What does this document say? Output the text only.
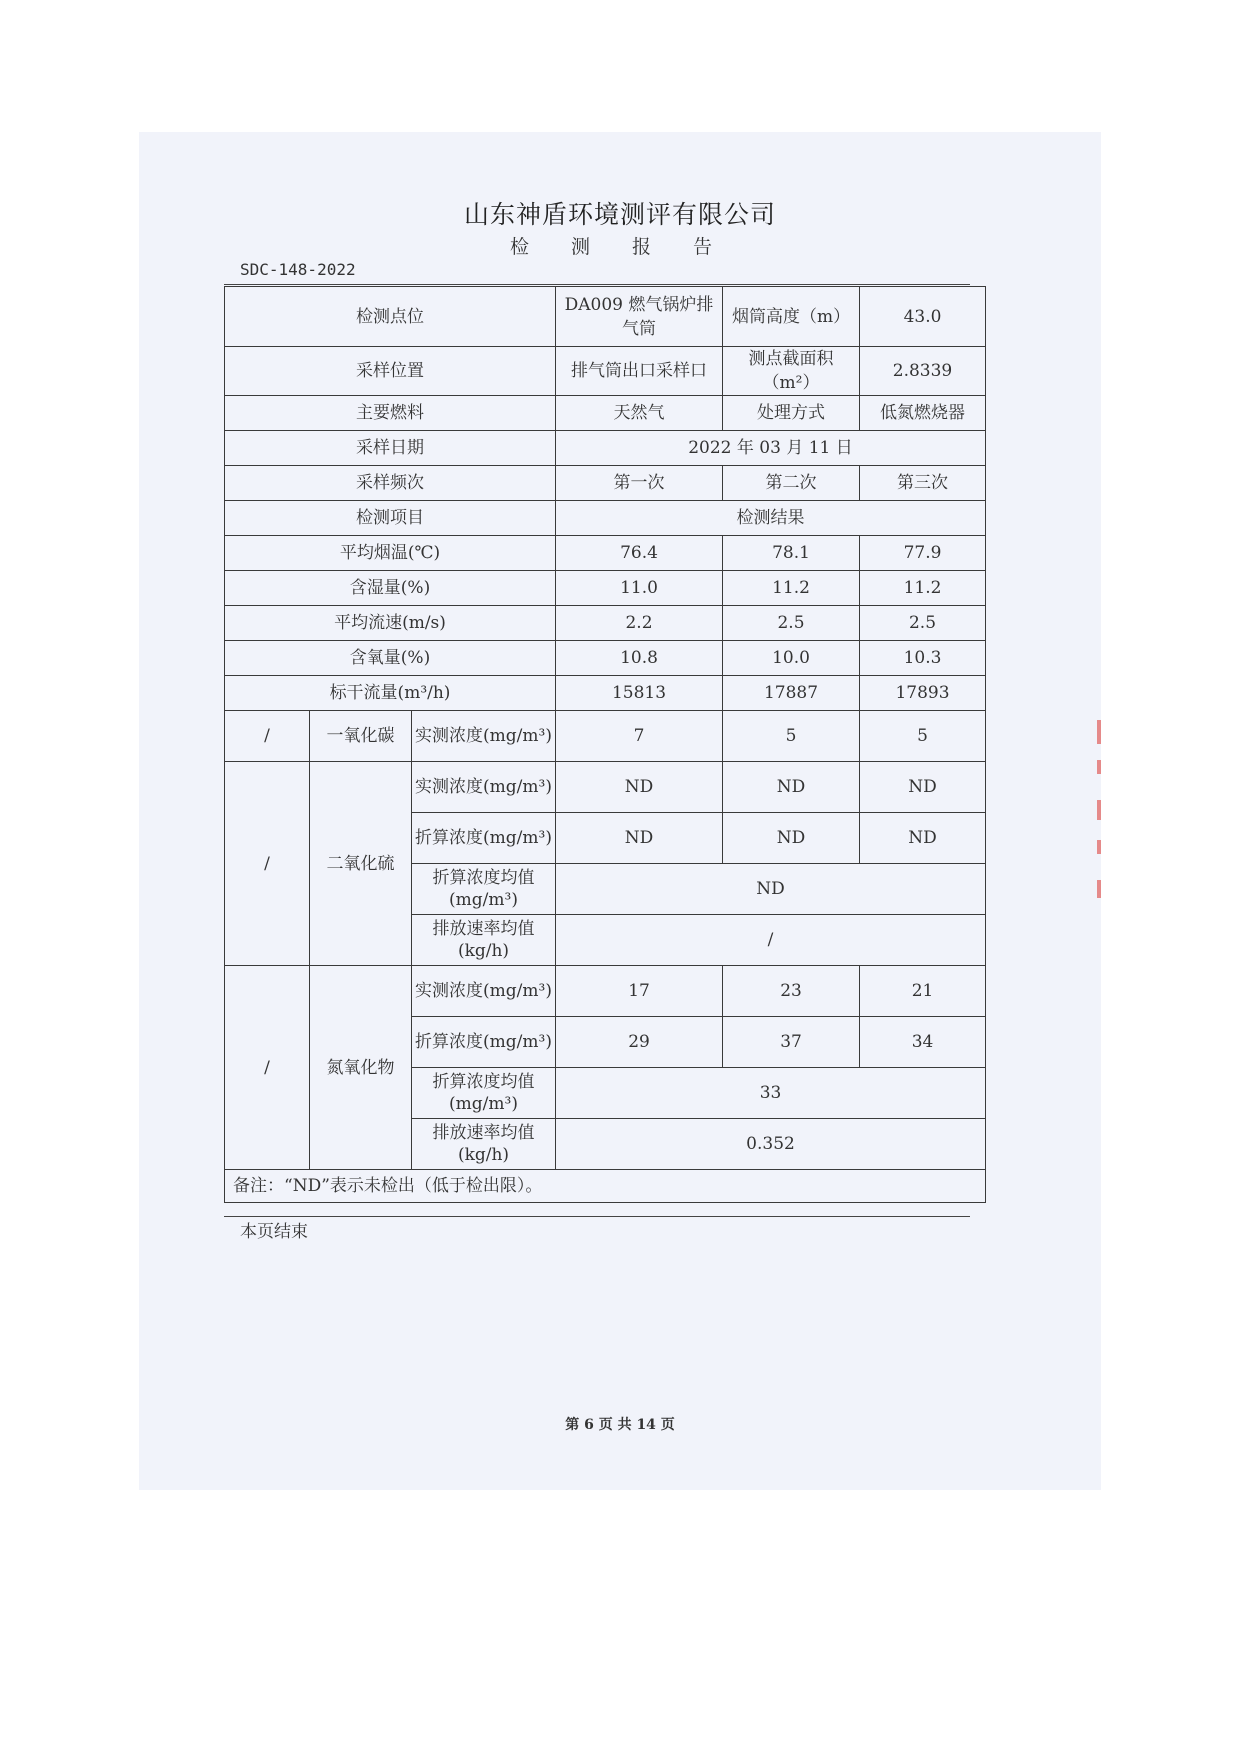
山东神盾环境测评有限公司
检 测 报 告
SDC-148-2022
检测点位			DA009 燃气锅炉排气筒	烟筒高度（m）	43.0
采样位置			排气筒出口采样口	测点截面积（m²）	2.8339
主要燃料			天然气	处理方式	低氮燃烧器
采样日期			2022 年 03 月 11 日		
采样频次			第一次	第二次	第三次
检测项目			检测结果		
平均烟温(℃)			76.4	78.1	77.9
含湿量(%)			11.0	11.2	11.2
平均流速(m/s)			2.2	2.5	2.5
含氧量(%)			10.8	10.0	10.3
标干流量(m³/h)			15813	17887	17893
/	一氧化碳	实测浓度(mg/m³)	7	5	5
/	二氧化硫	实测浓度(mg/m³)	ND	ND	ND
		折算浓度(mg/m³)	ND	ND	ND
		折算浓度均值(mg/m³)	ND		
		排放速率均值(kg/h)	/		
/	氮氧化物	实测浓度(mg/m³)	17	23	21
		折算浓度(mg/m³)	29	37	34
		折算浓度均值(mg/m³)	33		
		排放速率均值(kg/h)	0.352		
备注：“ND”表示未检出（低于检出限）。					
本页结束
第 6 页 共 14 页
